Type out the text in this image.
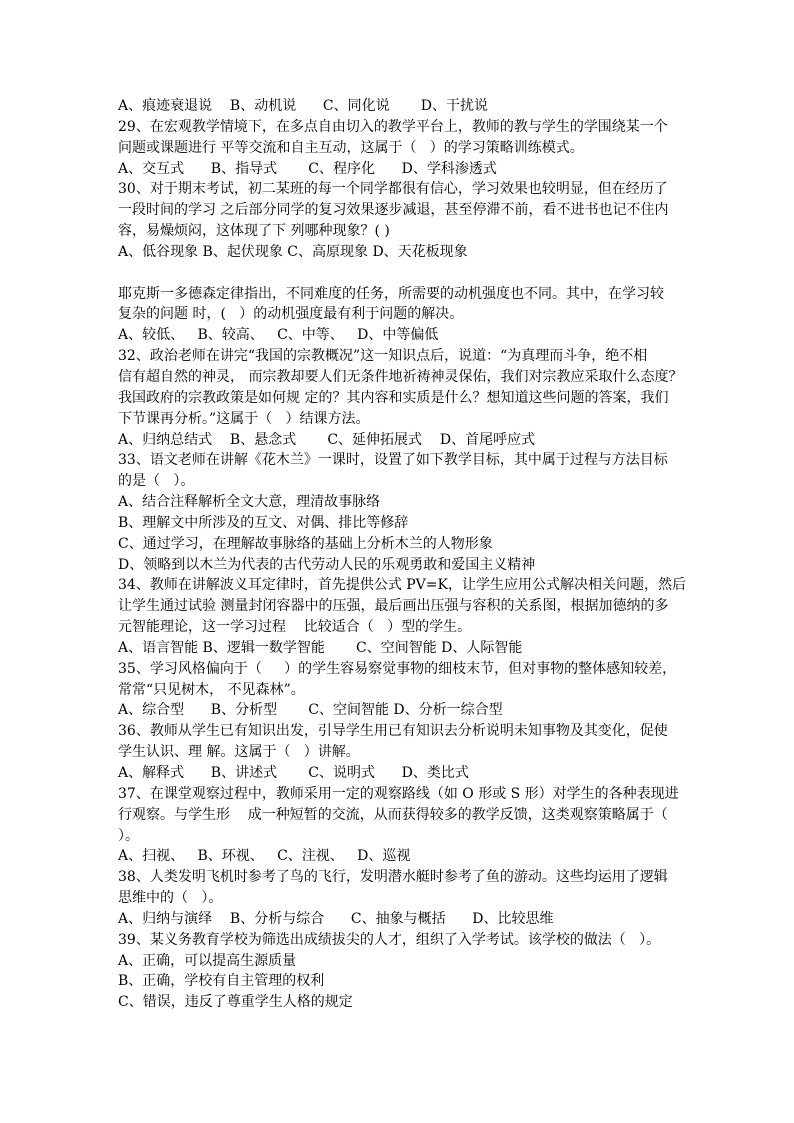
A、痕迹衰退说    B、动机说      C、同化说       D、干扰说
29、在宏观教学情境下，在多点自由切入的教学平台上，教师的教与学生的学围绕某一个
问题或课题进行 平等交流和自主互动，这属于（   ）的学习策略训练模式。
A、交互式      B、指导式       C、程序化      D、学科渗透式
30、对于期末考试，初二某班的每一个同学都很有信心，学习效果也较明显，但在经历了
一段时间的学习 之后部分同学的复习效果逐步减退，甚至停滞不前，看不进书也记不住内
容，易燥烦闷，这体现了下 列哪种现象？( )
A、低谷现象 B、起伏现象 C、高原现象 D、天花板现象
耶克斯一多德森定律指出，不同难度的任务，所需要的动机强度也不同。其中，在学习较
复杂的问题 时，(   ）的动机强度最有利于问题的解决。
A、较低、   B、较高、   C、中等、   D、中等偏低
32、政治老师在讲完“我国的宗教概况”这一知识点后，说道：“为真理而斗争，绝不相
信有超自然的神灵， 而宗教却要人们无条件地祈祷神灵保佑，我们对宗教应采取什么态度？
我国政府的宗教政策是如何规 定的？其内容和实质是什么？想知道这些问题的答案，我们
下节课再分析。”这属于（   ）结课方法。
A、归纳总结式    B、悬念式       C、延伸拓展式    D、首尾呼应式
33、语文老师在讲解《花木兰》一课时，设置了如下教学目标，其中属于过程与方法目标
的是（   ）。
A、结合注释解析全文大意，理清故事脉络
B、理解文中所涉及的互文、对偶、排比等修辞
C、通过学习，在理解故事脉络的基础上分析木兰的人物形象
D、领略到以木兰为代表的古代劳动人民的乐观勇敢和爱国主义精神
34、教师在讲解波义耳定律时，首先提供公式 PV=K，让学生应用公式解决相关问题，然后
让学生通过试验 测量封闭容器中的压强，最后画出压强与容积的关系图，根据加德纳的多
元智能理论，这一学习过程    比较适合（   ）型的学生。
A、语言智能 B、逻辑一数学智能       C、空间智能 D、人际智能
35、学习风格偏向于（     ）的学生容易察觉事物的细枝末节，但对事物的整体感知较差，
常常“只见树木， 不见森林”。
A、综合型      B、分析型       C、空间智能 D、分析一综合型
36、教师从学生已有知识出发，引导学生用已有知识去分析说明未知事物及其变化，促使
学生认识、理 解。这属于（   ）讲解。
A、解释式      B、讲述式       C、说明式      D、类比式
37、在课堂观察过程中，教师采用一定的观察路线（如 O 形或 S 形）对学生的各种表现进
行观察。与学生形    成一种短暂的交流，从而获得较多的教学反馈，这类观察策略属于（
）。
A、扫视、   B、环视、   C、注视、   D、巡视
38、人类发明飞机时参考了鸟的飞行，发明潜水艇时参考了鱼的游动。这些均运用了逻辑
思维中的（   ）。
A、归纳与演绎    B、分析与综合      C、抽象与概括      D、比较思维
39、某义务教育学校为筛选出成绩拔尖的人才，组织了入学考试。该学校的做法（   ）。
A、正确，可以提高生源质量
B、正确，学校有自主管理的权利
C、错误，违反了尊重学生人格的规定
